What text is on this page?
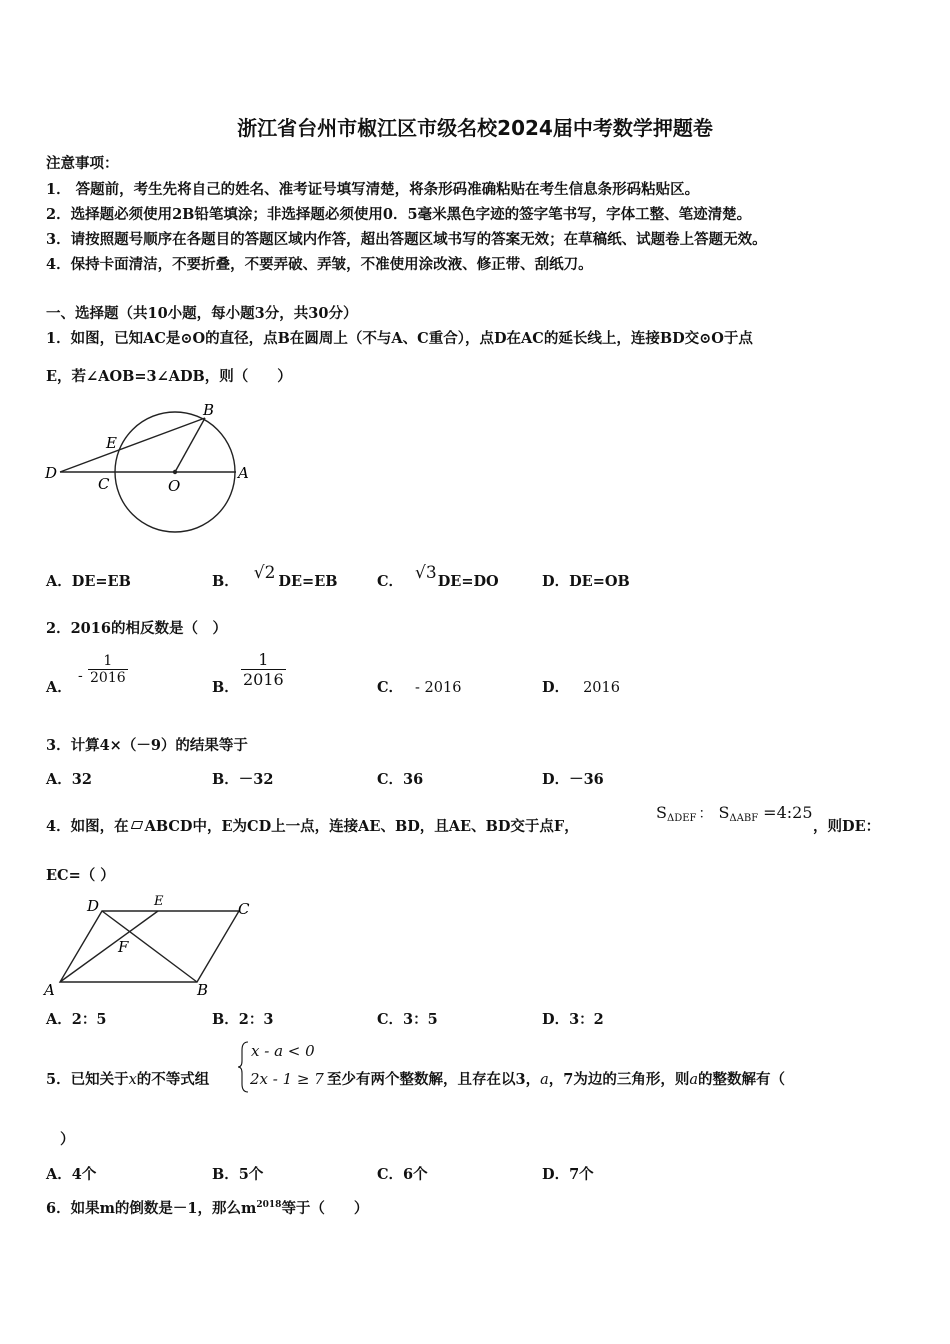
浙江省台州市椒江区市级名校2024届中考数学押题卷
注意事项：
1． 答题前，考生先将自己的姓名、准考证号填写清楚，将条形码准确粘贴在考生信息条形码粘贴区。
2．选择题必须使用2B铅笔填涂；非选择题必须使用0．5毫米黑色字迹的签字笔书写，字体工整、笔迹清楚。
3．请按照题号顺序在各题目的答题区域内作答，超出答题区域书写的答案无效；在草稿纸、试题卷上答题无效。
4．保持卡面清洁，不要折叠，不要弄破、弄皱，不准使用涂改液、修正带、刮纸刀。
一、选择题（共10小题，每小题3分，共30分）
1．如图，已知AC是⊙O的直径，点B在圆周上（不与A、C重合），点D在AC的延长线上，连接BD交⊙O于点
E，若∠AOB=3∠ADB，则（　　）
B
E
D
C	O
A
A．DE=EB	B． √2 DE=EB	C． √3DE=DO	D．DE=OB
2．2016的相反数是（　）
A．
- $\frac{1}{2016}$
B． $\frac{1}{2016}$	C． - 2016	D． 2016
3．计算4×（－9）的结果等于
A．32	B．－32	C．36	D．－36
4．如图，在 ABCD中，E为CD上一点，连接AE、BD，且AE、BD交于点F，
$S_{\Delta DEF}$ ： $S_{\Delta ABF}$ =4:25
，则DE：
EC=（ ）
D	E	C
F
A	B
A．2：5	B．2：3	C．3：5	D．3：2
5．已知关于x的不等式组
x - a < 0
2x - 1 ≥ 7 至少有两个整数解，且存在以3，a，7为边的三角形，则a的整数解有（
）
A．4个	B．5个	C．6个	D．7个
6．如果m的倒数是－1，那么$m^{2018}$等于（　　）
